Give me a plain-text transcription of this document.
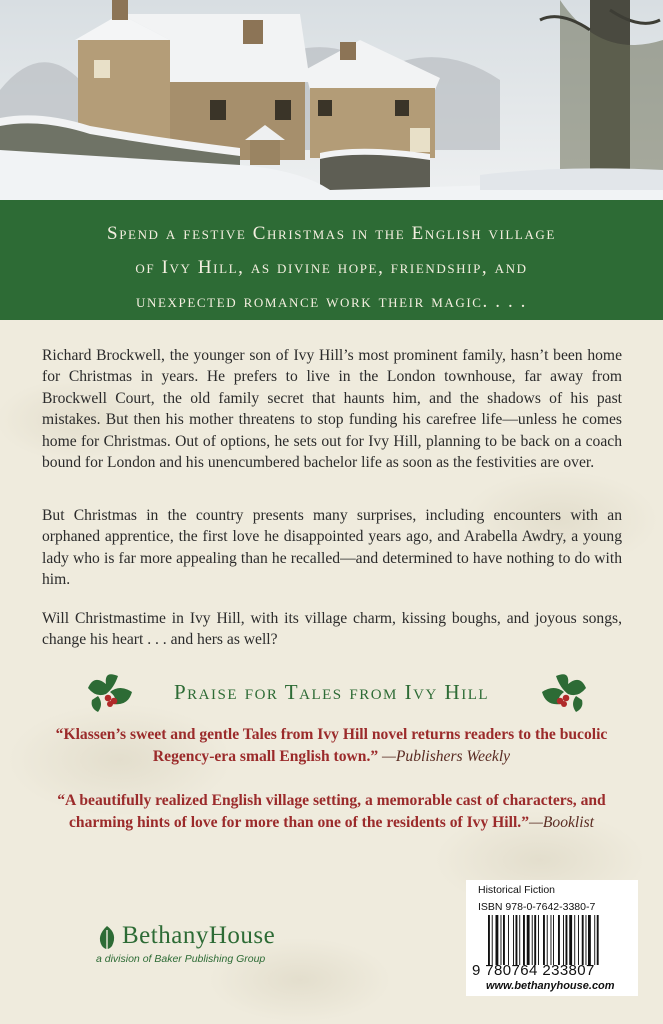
Spend a festive Christmas in the English village
of Ivy Hill, as divine hope, friendship, and
unexpected romance work their magic. . . .
Richard Brockwell, the younger son of Ivy Hill’s most prominent family, hasn’t been home for Christmas in years. He prefers to live in the London townhouse, far away from Brockwell Court, the old family secret that haunts him, and the shadows of his past mistakes. But then his mother threatens to stop funding his carefree life—unless he comes home for Christmas. Out of options, he sets out for Ivy Hill, planning to be back on a coach bound for London and his unencumbered bachelor life as soon as the festivities are over.
But Christmas in the country presents many surprises, including encounters with an orphaned apprentice, the first love he disappointed years ago, and Arabella Awdry, a young lady who is far more appealing than he recalled—and determined to have nothing to do with him.
Will Christmastime in Ivy Hill, with its village charm, kissing boughs, and joyous songs, change his heart . . . and hers as well?
Praise for Tales from Ivy Hill
“Klassen’s sweet and gentle Tales from Ivy Hill novel returns readers to the bucolic Regency-era small English town.” —Publishers Weekly
“A beautifully realized English village setting, a memorable cast of characters, and charming hints of love for more than one of the residents of Ivy Hill.”—Booklist
BethanyHouse
a division of Baker Publishing Group
Historical Fiction
ISBN 978-0-7642-3380-7
9 780764 233807
www.bethanyhouse.com
